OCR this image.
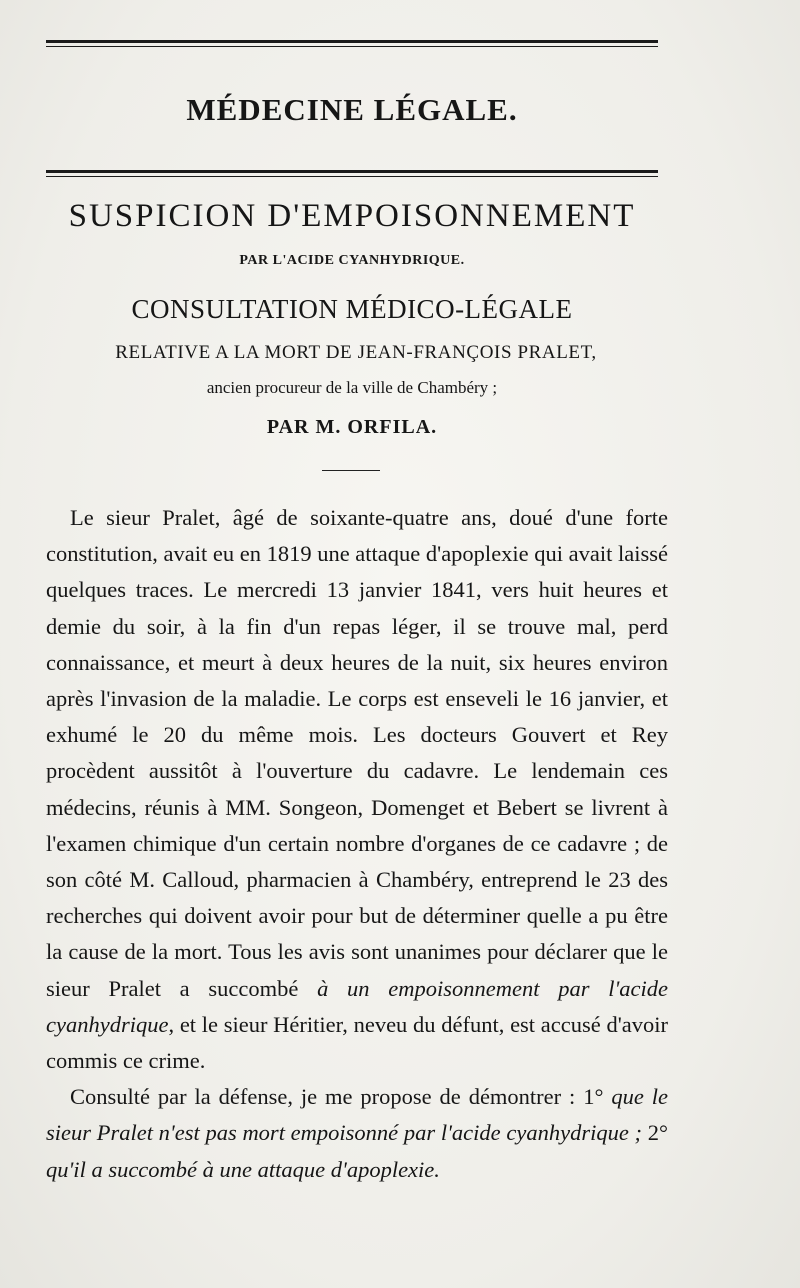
MÉDECINE LÉGALE.
SUSPICION D'EMPOISONNEMENT
PAR L'ACIDE CYANHYDRIQUE.
CONSULTATION MÉDICO-LÉGALE
RELATIVE A LA MORT DE JEAN-FRANÇOIS PRALET,
ancien procureur de la ville de Chambéry ;
PAR M. ORFILA.

Le sieur Pralet, âgé de soixante-quatre ans, doué d'une forte constitution, avait eu en 1819 une attaque d'apoplexie qui avait laissé quelques traces. Le mercredi 13 janvier 1841, vers huit heures et demie du soir, à la fin d'un repas léger, il se trouve mal, perd connaissance, et meurt à deux heures de la nuit, six heures environ après l'invasion de la maladie. Le corps est enseveli le 16 janvier, et exhumé le 20 du même mois. Les docteurs Gouvert et Rey procèdent aussitôt à l'ouverture du cadavre. Le lendemain ces médecins, réunis à MM. Songeon, Domenget et Bebert se livrent à l'examen chimique d'un certain nombre d'organes de ce cadavre ; de son côté M. Calloud, pharmacien à Chambéry, entreprend le 23 des recherches qui doivent avoir pour but de déterminer quelle a pu être la cause de la mort. Tous les avis sont unanimes pour déclarer que le sieur Pralet a succombé à un empoisonnement par l'acide cyanhydrique, et le sieur Héritier, neveu du défunt, est accusé d'avoir commis ce crime.

Consulté par la défense, je me propose de démontrer : 1° que le sieur Pralet n'est pas mort empoisonné par l'acide cyanhydrique ; 2° qu'il a succombé à une attaque d'apoplexie.
